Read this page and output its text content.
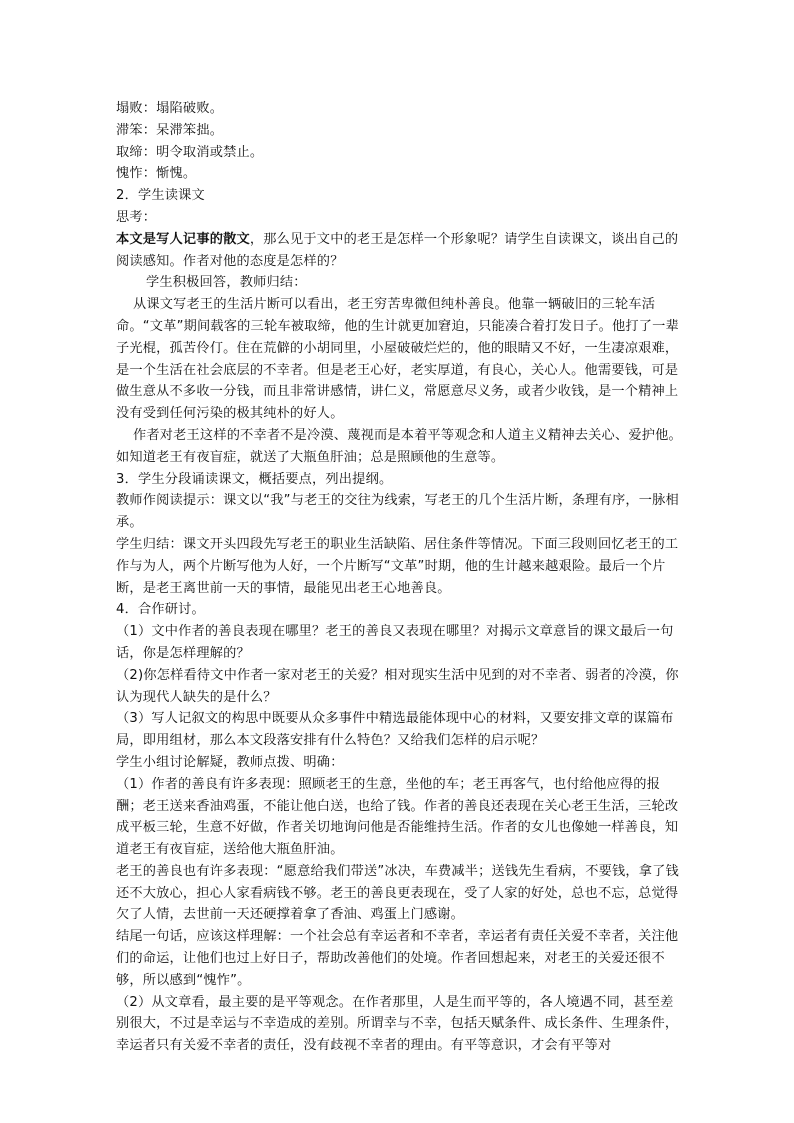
塌败：塌陷破败。
滞笨：呆滞笨拙。
取缔：明令取消或禁止。
愧怍：惭愧。
2．学生读课文
思考：
本文是写人记事的散文，那么见于文中的老王是怎样一个形象呢？请学生自读课文，谈出自己的阅读感知。作者对他的态度是怎样的？
学生积极回答，教师归结：
从课文写老王的生活片断可以看出，老王穷苦卑微但纯朴善良。他靠一辆破旧的三轮车活命。“文革”期间载客的三轮车被取缔，他的生计就更加窘迫，只能凑合着打发日子。他打了一辈子光棍，孤苦伶仃。住在荒僻的小胡同里，小屋破破烂烂的，他的眼睛又不好，一生凄凉艰难，是一个生活在社会底层的不幸者。但是老王心好，老实厚道，有良心，关心人。他需要钱，可是做生意从不多收一分钱，而且非常讲感情，讲仁义，常愿意尽义务，或者少收钱，是一个精神上没有受到任何污染的极其纯朴的好人。
作者对老王这样的不幸者不是冷漠、蔑视而是本着平等观念和人道主义精神去关心、爱护他。如知道老王有夜盲症，就送了大瓶鱼肝油；总是照顾他的生意等。
3．学生分段诵读课文，概括要点，列出提纲。
教师作阅读提示：课文以“我”与老王的交往为线索，写老王的几个生活片断，条理有序，一脉相承。
学生归结：课文开头四段先写老王的职业生活缺陷、居住条件等情况。下面三段则回忆老王的工作与为人，两个片断写他为人好，一个片断写“文革”时期，他的生计越来越艰险。最后一个片断，是老王离世前一天的事情，最能见出老王心地善良。
4．合作研讨。
（1）文中作者的善良表现在哪里？老王的善良又表现在哪里？对揭示文章意旨的课文最后一句话，你是怎样理解的？
（2)你怎样看待文中作者一家对老王的关爱？相对现实生活中见到的对不幸者、弱者的冷漠，你认为现代人缺失的是什么？
（3）写人记叙文的构思中既要从众多事件中精选最能体现中心的材料，又要安排文章的谋篇布局，即用组材，那么本文段落安排有什么特色？又给我们怎样的启示呢？
学生小组讨论解疑，教师点拨、明确：
（1）作者的善良有许多表现：照顾老王的生意，坐他的车；老王再客气，也付给他应得的报酬；老王送来香油鸡蛋，不能让他白送，也给了钱。作者的善良还表现在关心老王生活，三轮改成平板三轮，生意不好做，作者关切地询问他是否能维持生活。作者的女儿也像她一样善良，知道老王有夜盲症，送给他大瓶鱼肝油。
老王的善良也有许多表现：“愿意给我们带送”冰决，车费减半；送钱先生看病，不要钱，拿了钱还不大放心，担心人家看病钱不够。老王的善良更表现在，受了人家的好处，总也不忘，总觉得欠了人情，去世前一天还硬撑着拿了香油、鸡蛋上门感谢。
结尾一句话，应该这样理解：一个社会总有幸运者和不幸者，幸运者有责任关爱不幸者，关注他们的命运，让他们也过上好日子，帮助改善他们的处境。作者回想起来，对老王的关爱还很不够，所以感到“愧怍”。
（2）从文章看，最主要的是平等观念。在作者那里，人是生而平等的，各人境遇不同，甚至差别很大，不过是幸运与不幸造成的差别。所谓幸与不幸，包括天赋条件、成长条件、生理条件，幸运者只有关爱不幸者的责任，没有歧视不幸者的理由。有平等意识，才会有平等对
